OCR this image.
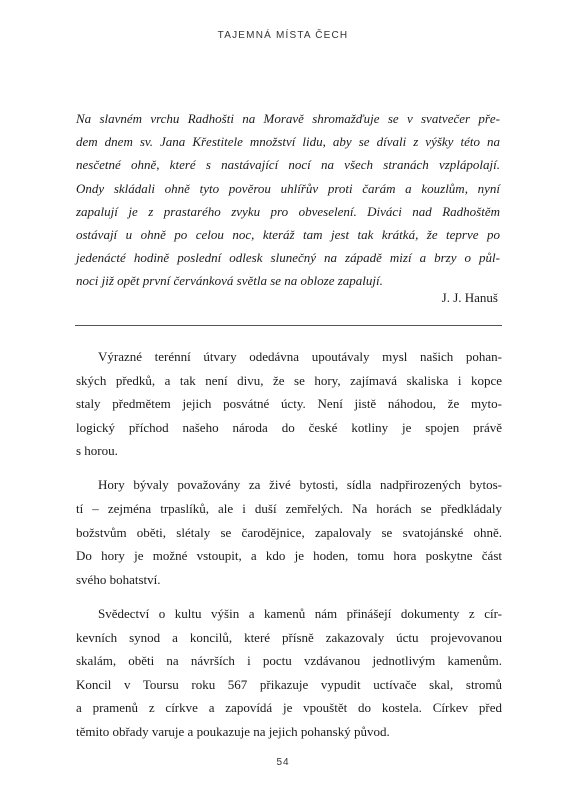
TAJEMNÁ MÍSTA ČECH
Na slavném vrchu Radhošti na Moravě shromažďuje se v svatvečer pře-
dem dnem sv. Jana Křestitele množství lidu, aby se dívali z výšky této na
nesčetné ohně, které s nastávající nocí na všech stranách vzplápolají.
Ondy skládali ohně tyto pověrou uhlířův proti čarám a kouzlům, nyní
zapalují je z prastarého zvyku pro obveselení. Diváci nad Radhoštěm
ostávají u ohně po celou noc, kteráž tam jest tak krátká, že teprve po
jedenácté hodině poslední odlesk slunečný na západě mizí a brzy o půl-
noci již opět první červánková světla se na obloze zapalují.
J. J. Hanuš

Výrazné terénní útvary odedávna upoutávaly mysl našich pohan-
ských předků, a tak není divu, že se hory, zajímavá skaliska i kopce
staly předmětem jejich posvátné úcty. Není jistě náhodou, že myto-
logický příchod našeho národa do české kotliny je spojen právě
s horou.

Hory bývaly považovány za živé bytosti, sídla nadpřirozených bytos-
tí – zejména trpaslíků, ale i duší zemřelých. Na horách se předkládaly
božstvům oběti, slétaly se čarodějnice, zapalovaly se svatojánské ohně.
Do hory je možné vstoupit, a kdo je hoden, tomu hora poskytne část
svého bohatství.

Svědectví o kultu výšin a kamenů nám přinášejí dokumenty z cír-
kevních synod a koncilů, které přísně zakazovaly úctu projevovanou
skalám, oběti na návrších i poctu vzdávanou jednotlivým kamenům.
Koncil v Toursu roku 567 přikazuje vypudit uctívače skal, stromů
a pramenů z církve a zapovídá je vpouštět do kostela. Církev před
těmito obřady varuje a poukazuje na jejich pohanský původ.

54
